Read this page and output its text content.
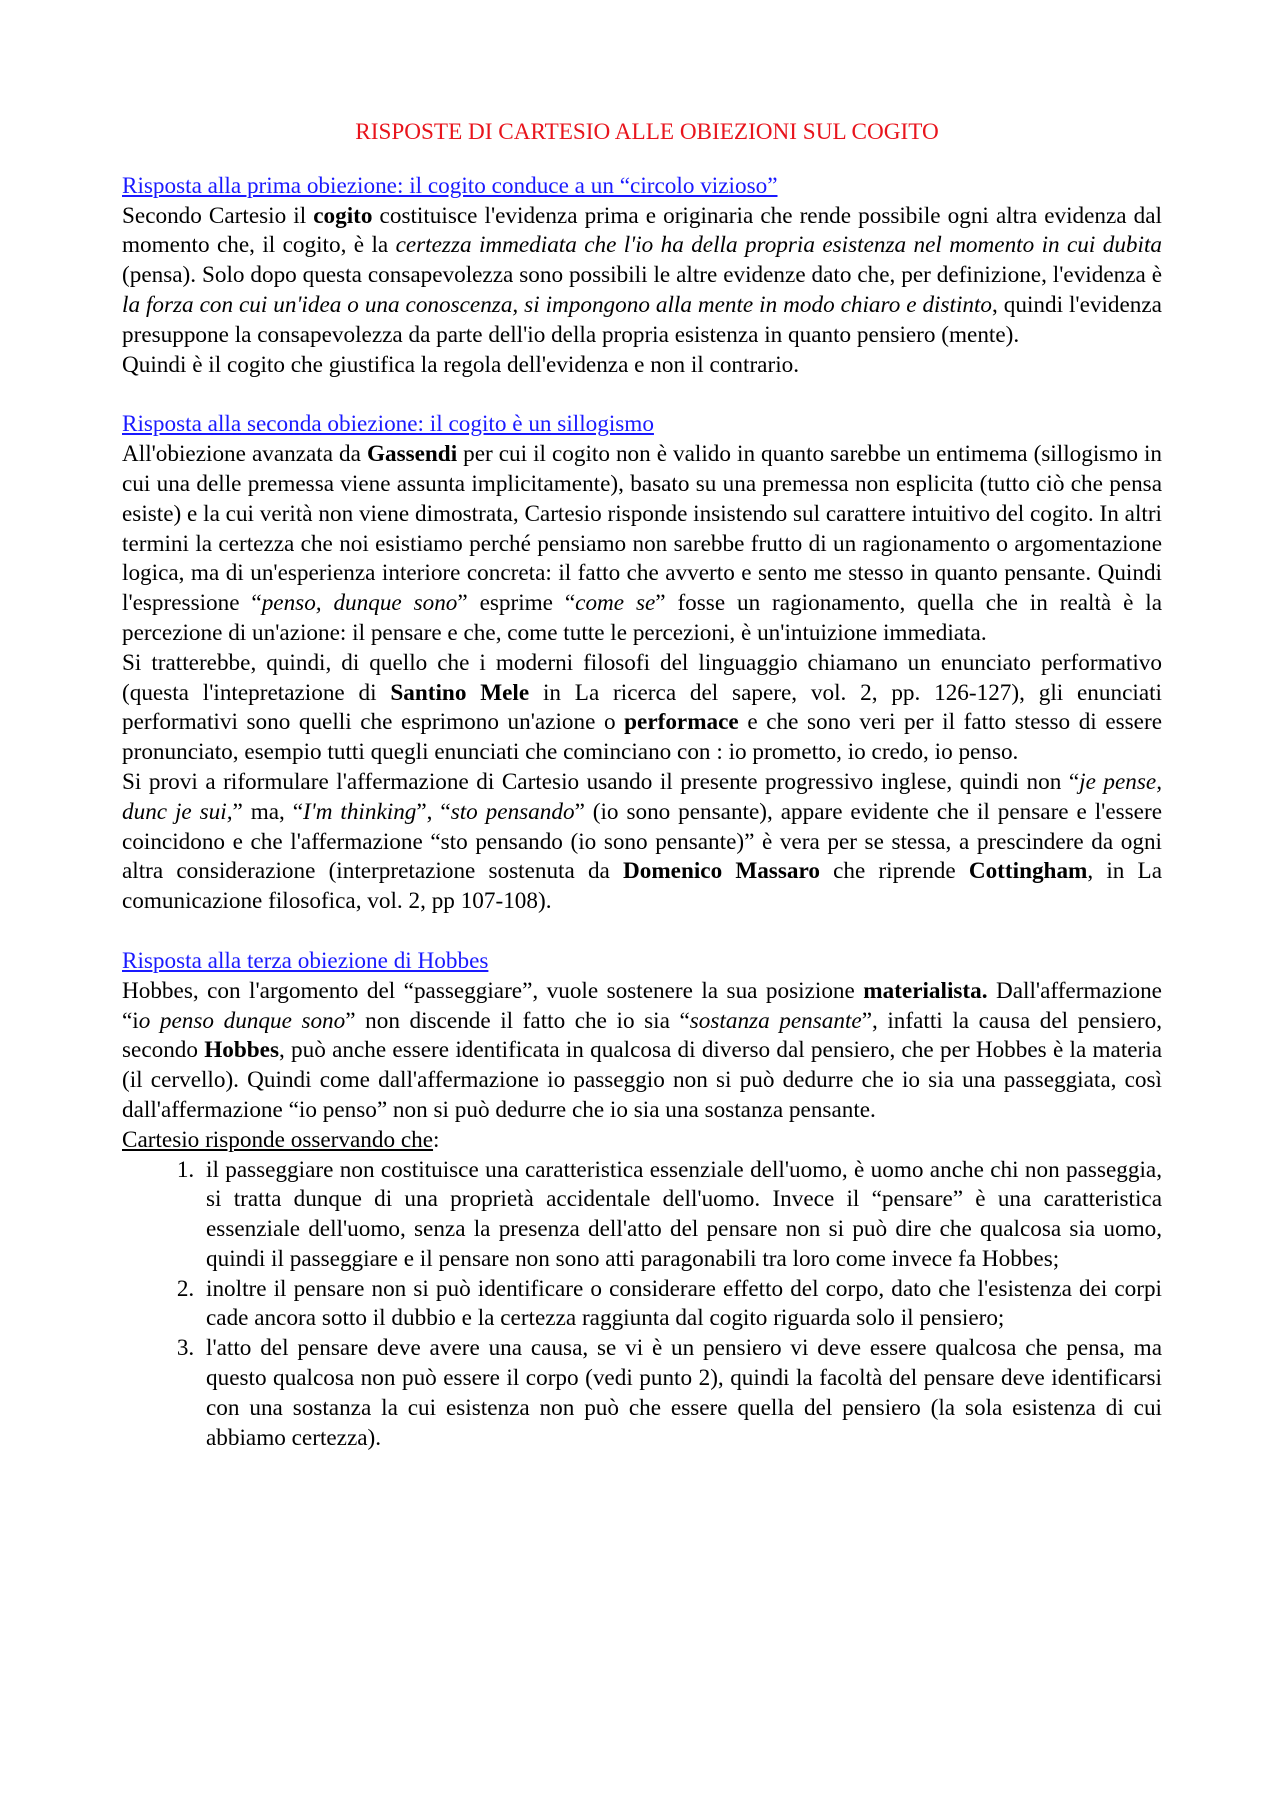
RISPOSTE DI CARTESIO ALLE OBIEZIONI SUL COGITO
Risposta alla prima obiezione: il cogito conduce a un “circolo vizioso”

Secondo Cartesio il cogito costituisce l'evidenza prima e originaria che rende possibile ogni altra evidenza dal momento che, il cogito, è la certezza immediata che l'io ha della propria esistenza nel momento in cui dubita (pensa). Solo dopo questa consapevolezza sono possibili le altre evidenze dato che, per definizione, l'evidenza è la forza con cui un'idea o una conoscenza, si impongono alla mente in modo chiaro e distinto, quindi l'evidenza presuppone la consapevolezza da parte dell'io della propria esistenza in quanto pensiero (mente).

Quindi è il cogito che giustifica la regola dell'evidenza e non il contrario.

Risposta alla seconda obiezione: il cogito è un sillogismo

All'obiezione avanzata da Gassendi per cui il cogito non è valido in quanto sarebbe un entimema (sillogismo in cui una delle premessa viene assunta implicitamente), basato su una premessa non esplicita (tutto ciò che pensa esiste) e la cui verità non viene dimostrata, Cartesio risponde insistendo sul carattere intuitivo del cogito. In altri termini la certezza che noi esistiamo perché pensiamo non sarebbe frutto di un ragionamento o argomentazione logica, ma di un'esperienza interiore concreta: il fatto che avverto e sento me stesso in quanto pensante. Quindi l'espressione “penso, dunque sono” esprime “come se” fosse un ragionamento, quella che in realtà è la percezione di un'azione: il pensare e che, come tutte le percezioni, è un'intuizione immediata.

Si tratterebbe, quindi, di quello che i moderni filosofi del linguaggio chiamano un enunciato performativo (questa l'intepretazione di Santino Mele in La ricerca del sapere, vol. 2, pp. 126-127), gli enunciati performativi sono quelli che esprimono un'azione o performace e che sono veri per il fatto stesso di essere pronunciato, esempio tutti quegli enunciati che cominciano con : io prometto, io credo, io penso.

Si provi a riformulare l'affermazione di Cartesio usando il presente progressivo inglese, quindi non “je pense, dunc je sui,” ma, “I'm thinking”, “sto pensando” (io sono pensante), appare evidente che il pensare e l'essere coincidono e che l'affermazione “sto pensando (io sono pensante)” è vera per se stessa, a prescindere da ogni altra considerazione (interpretazione sostenuta da Domenico Massaro che riprende Cottingham, in La comunicazione filosofica, vol. 2, pp 107-108).

Risposta alla terza obiezione di Hobbes

Hobbes, con l'argomento del “passeggiare”, vuole sostenere la sua posizione materialista. Dall'affermazione “io penso dunque sono” non discende il fatto che io sia “sostanza pensante”, infatti la causa del pensiero, secondo Hobbes, può anche essere identificata in qualcosa di diverso dal pensiero, che per Hobbes è la materia (il cervello). Quindi come dall'affermazione io passeggio non si può dedurre che io sia una passeggiata, così dall'affermazione “io penso” non si può dedurre che io sia una sostanza pensante.

Cartesio risponde osservando che:

1. il passeggiare non costituisce una caratteristica essenziale dell'uomo, è uomo anche chi non passeggia, si tratta dunque di una proprietà accidentale dell'uomo. Invece il “pensare” è una caratteristica essenziale dell'uomo, senza la presenza dell'atto del pensare non si può dire che qualcosa sia uomo, quindi il passeggiare e il pensare non sono atti paragonabili tra loro come invece fa Hobbes;
2. inoltre il pensare non si può identificare o considerare effetto del corpo, dato che l'esistenza dei corpi cade ancora sotto il dubbio e la certezza raggiunta dal cogito riguarda solo il pensiero;
3. l'atto del pensare deve avere una causa, se vi è un pensiero vi deve essere qualcosa che pensa, ma questo qualcosa non può essere il corpo (vedi punto 2), quindi la facoltà del pensare deve identificarsi con una sostanza la cui esistenza non può che essere quella del pensiero (la sola esistenza di cui abbiamo certezza).
